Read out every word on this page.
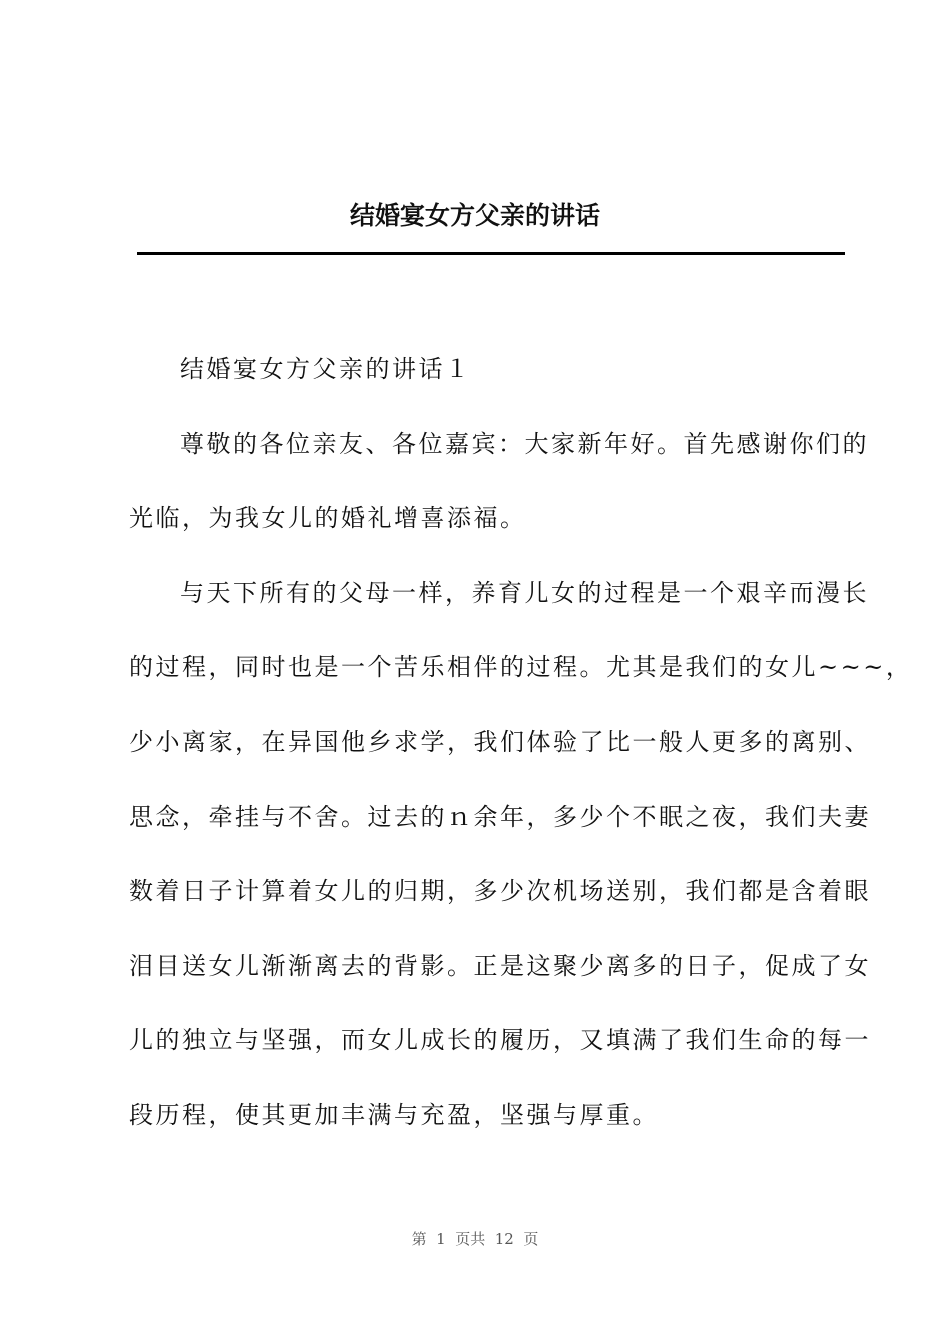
结婚宴女方父亲的讲话
结婚宴女方父亲的讲话１
尊敬的各位亲友、各位嘉宾：大家新年好。首先感谢你们的
光临，为我女儿的婚礼增喜添福。
与天下所有的父母一样，养育儿女的过程是一个艰辛而漫长
的过程，同时也是一个苦乐相伴的过程。尤其是我们的女儿~~~，
少小离家，在异国他乡求学，我们体验了比一般人更多的离别、
思念，牵挂与不舍。过去的ｎ余年，多少个不眠之夜，我们夫妻
数着日子计算着女儿的归期，多少次机场送别，我们都是含着眼
泪目送女儿渐渐离去的背影。正是这聚少离多的日子，促成了女
儿的独立与坚强，而女儿成长的履历，又填满了我们生命的每一
段历程，使其更加丰满与充盈，坚强与厚重。
第  1  页共  12  页
